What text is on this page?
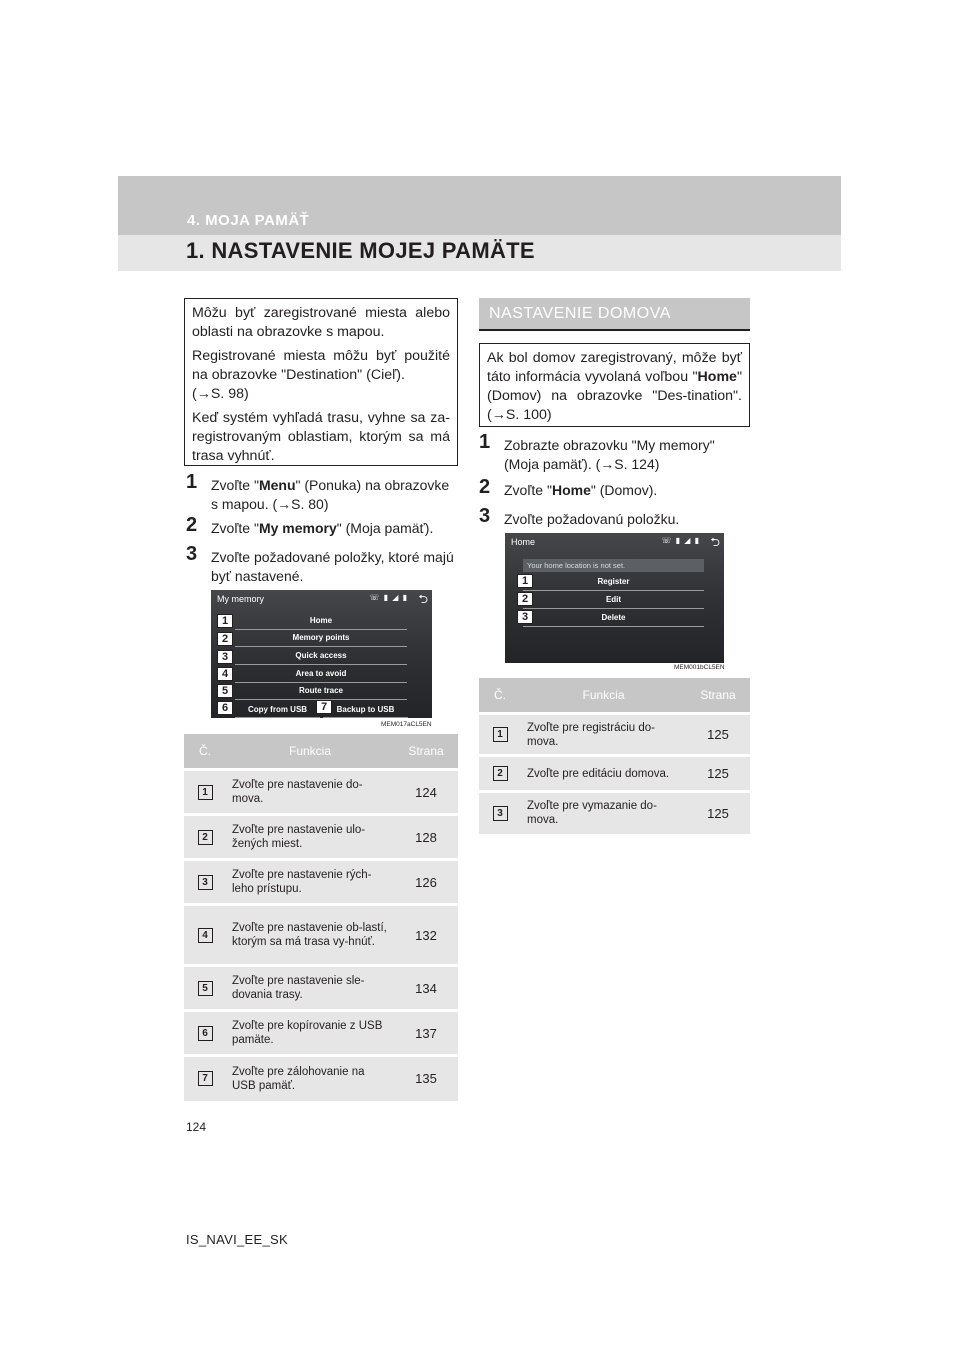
4. MOJA PAMÄŤ
1. NASTAVENIE MOJEJ PAMÄTE

Môžu byť zaregistrované miesta alebo oblasti na obrazovke s mapou.

Registrované miesta môžu byť použité na obrazovke "Destination" (Cieľ).
(→S. 98)

Keď systém vyhľadá trasu, vyhne sa za-registrovaným oblastiam, ktorým sa má trasa vyhnúť.

1 Zvoľte "Menu" (Ponuka) na obrazovke s mapou. (→S. 80)
2 Zvoľte "My memory" (Moja pamäť).
3 Zvoľte požadované položky, ktoré majú byť nastavené.
My memory	☏ ▮ ◢ ▮ ⮌
Home
Memory points
Quick access
Area to avoid
Route trace
Copy from USB	Backup to USB
1
2
3
4
5
6	7
MEM017aCL5EN
Č.	Funkcia	Strana
1	Zvoľte pre nastavenie do-mova.	124
2	Zvoľte pre nastavenie ulo-žených miest.	128
3	Zvoľte pre nastavenie rých-leho prístupu.	126
4	Zvoľte pre nastavenie ob-lastí, ktorým sa má trasa vy-hnúť.	132
5	Zvoľte pre nastavenie sle-dovania trasy.	134
6	Zvoľte pre kopírovanie z USB pamäte.	137
7	Zvoľte pre zálohovanie na USB pamäť.	135
NASTAVENIE DOMOVA
Ak bol domov zaregistrovaný, môže byť táto informácia vyvolaná voľbou "Home" (Domov) na obrazovke "Des-tination". (→S. 100)
1 Zobrazte obrazovku "My memory" (Moja pamäť). (→S. 124)
2 Zvoľte "Home" (Domov).
3 Zvoľte požadovanú položku.
Home	☏ ▮ ◢ ▮ ⮌
Your home location is not set.
Register
Edit
Delete
1
2
3
MEM001bCL5EN
Č.	Funkcia	Strana
1	Zvoľte pre registráciu do-mova.	125
2	Zvoľte pre editáciu domova.	125
3	Zvoľte pre vymazanie do-mova.	125
124
IS_NAVI_EE_SK
